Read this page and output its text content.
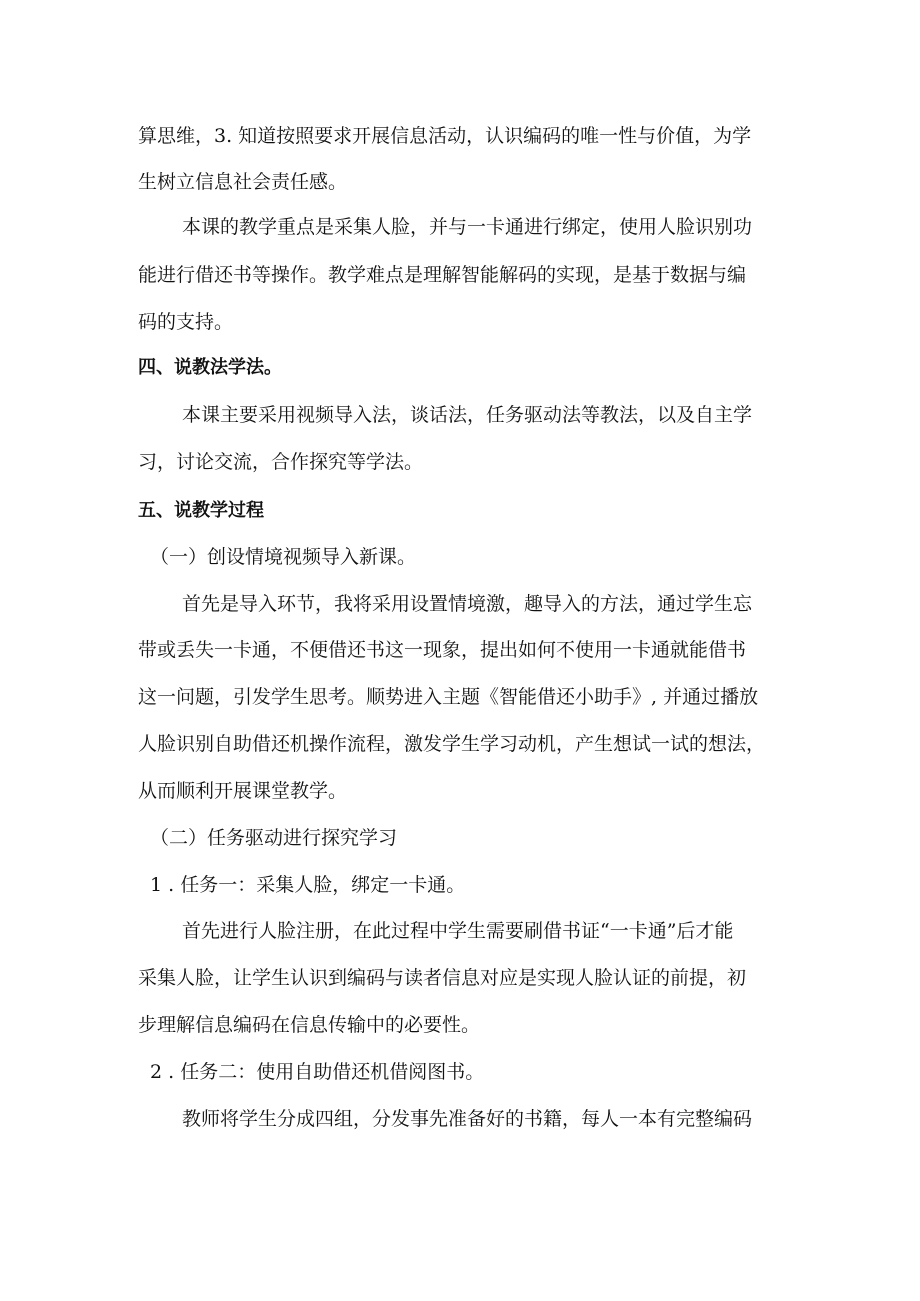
算思维，3. 知道按照要求开展信息活动，认识编码的唯一性与价值，为学
生树立信息社会责任感。
本课的教学重点是采集人脸，并与一卡通进行绑定，使用人脸识别功
能进行借还书等操作。教学难点是理解智能解码的实现，是基于数据与编
码的支持。
四、说教法学法。
本课主要采用视频导入法，谈话法，任务驱动法等教法，以及自主学
习，讨论交流，合作探究等学法。
五、说教学过程
（一）创设情境视频导入新课。
首先是导入环节，我将采用设置情境激，趣导入的方法，通过学生忘
带或丢失一卡通，不便借还书这一现象，提出如何不使用一卡通就能借书
这一问题，引发学生思考。顺势进入主题《智能借还小助手》, 并通过播放
人脸识别自助借还机操作流程，激发学生学习动机，产生想试一试的想法，
从而顺利开展课堂教学。
（二）任务驱动进行探究学习
1 . 任务一：采集人脸，绑定一卡通。
首先进行人脸注册，在此过程中学生需要刷借书证“一卡通”后才能
采集人脸，让学生认识到编码与读者信息对应是实现人脸认证的前提，初
步理解信息编码在信息传输中的必要性。
2 . 任务二：使用自助借还机借阅图书。
教师将学生分成四组，分发事先准备好的书籍，每人一本有完整编码
